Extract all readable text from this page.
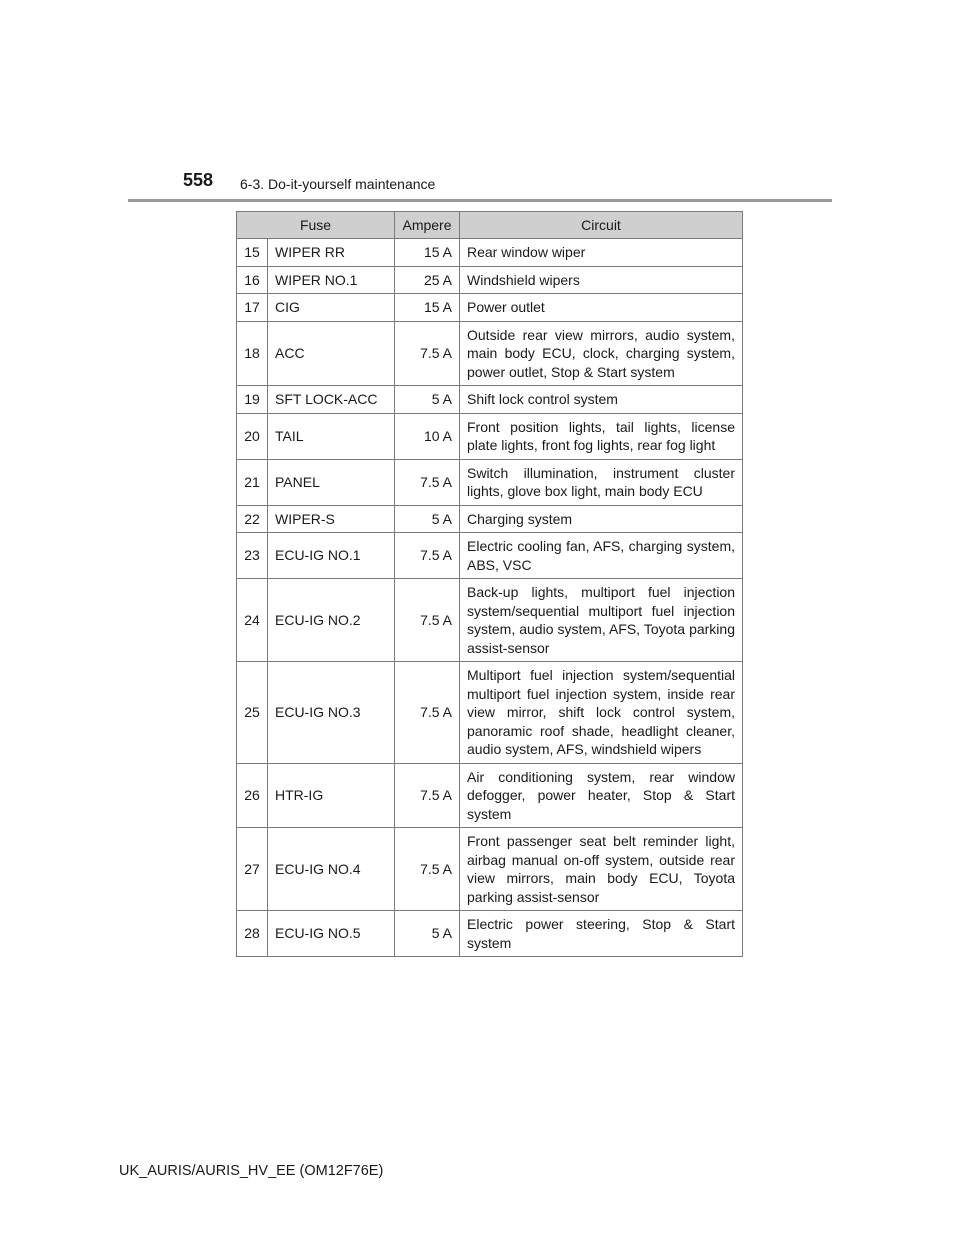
558 6-3. Do-it-yourself maintenance
Fuse		Ampere	Circuit
15	WIPER RR	15 A	Rear window wiper
16	WIPER NO.1	25 A	Windshield wipers
17	CIG	15 A	Power outlet
18	ACC	7.5 A	Outside rear view mirrors, audio system, main body ECU, clock, charging system, power outlet, Stop & Start system
19	SFT LOCK-ACC	5 A	Shift lock control system
20	TAIL	10 A	Front position lights, tail lights, license plate lights, front fog lights, rear fog light
21	PANEL	7.5 A	Switch illumination, instrument cluster lights, glove box light, main body ECU
22	WIPER-S	5 A	Charging system
23	ECU-IG NO.1	7.5 A	Electric cooling fan, AFS, charging system, ABS, VSC
24	ECU-IG NO.2	7.5 A	Back-up lights, multiport fuel injection system/sequential multiport fuel injection system, audio system, AFS, Toyota parking assist-sensor
25	ECU-IG NO.3	7.5 A	Multiport fuel injection system/sequential multiport fuel injection system, inside rear view mirror, shift lock control system, panoramic roof shade, headlight cleaner, audio system, AFS, windshield wipers
26	HTR-IG	7.5 A	Air conditioning system, rear window defogger, power heater, Stop & Start system
27	ECU-IG NO.4	7.5 A	Front passenger seat belt reminder light, airbag manual on-off system, outside rear view mirrors, main body ECU, Toyota parking assist-sensor
28	ECU-IG NO.5	5 A	Electric power steering, Stop & Start system
UK_AURIS/AURIS_HV_EE (OM12F76E)
